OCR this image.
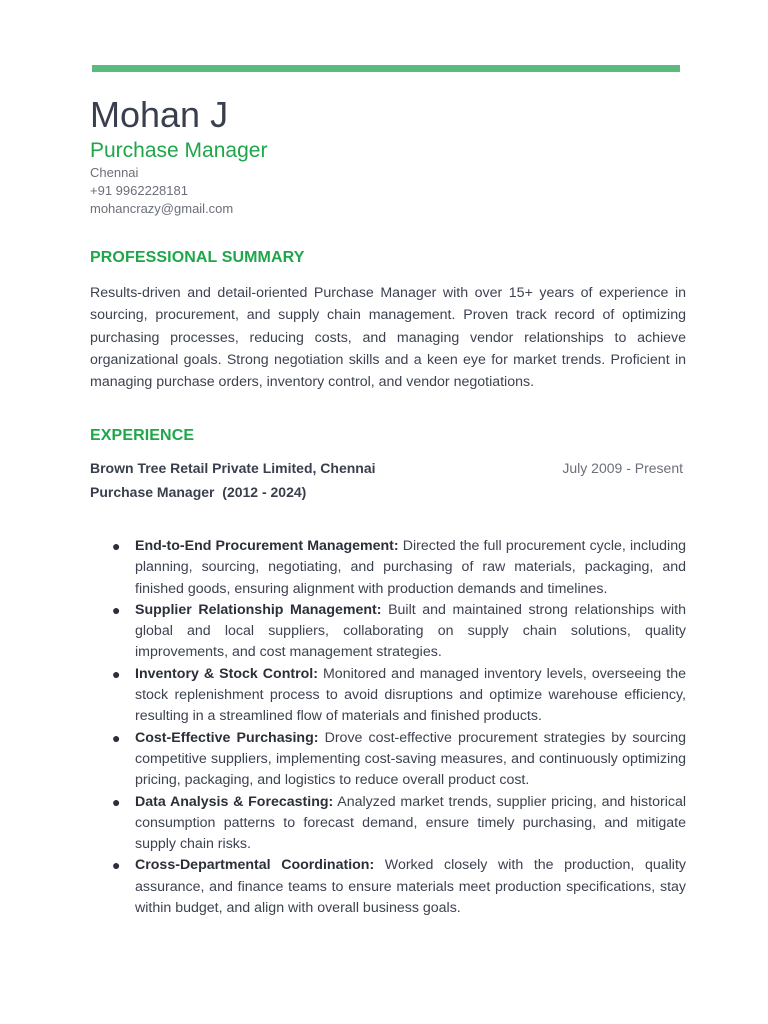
Mohan J
Purchase Manager
Chennai
+91 9962228181
mohancrazy@gmail.com
PROFESSIONAL SUMMARY

Results-driven and detail-oriented Purchase Manager with over 15+ years of experience in sourcing, procurement, and supply chain management. Proven track record of optimizing purchasing processes, reducing costs, and managing vendor relationships to achieve organizational goals. Strong negotiation skills and a keen eye for market trends. Proficient in managing purchase orders, inventory control, and vendor negotiations.

EXPERIENCE
Brown Tree Retail Private Limited, Chennai	July 2009 - Present
Purchase Manager  (2012 - 2024)
● End-to-End Procurement Management: Directed the full procurement cycle, including planning, sourcing, negotiating, and purchasing of raw materials, packaging, and finished goods, ensuring alignment with production demands and timelines.
● Supplier Relationship Management: Built and maintained strong relationships with global and local suppliers, collaborating on supply chain solutions, quality improvements, and cost management strategies.
● Inventory & Stock Control: Monitored and managed inventory levels, overseeing the stock replenishment process to avoid disruptions and optimize warehouse efficiency, resulting in a streamlined flow of materials and finished products.
● Cost-Effective Purchasing: Drove cost-effective procurement strategies by sourcing competitive suppliers, implementing cost-saving measures, and continuously optimizing pricing, packaging, and logistics to reduce overall product cost.
● Data Analysis & Forecasting: Analyzed market trends, supplier pricing, and historical consumption patterns to forecast demand, ensure timely purchasing, and mitigate supply chain risks.
● Cross-Departmental Coordination: Worked closely with the production, quality assurance, and finance teams to ensure materials meet production specifications, stay within budget, and align with overall business goals.
